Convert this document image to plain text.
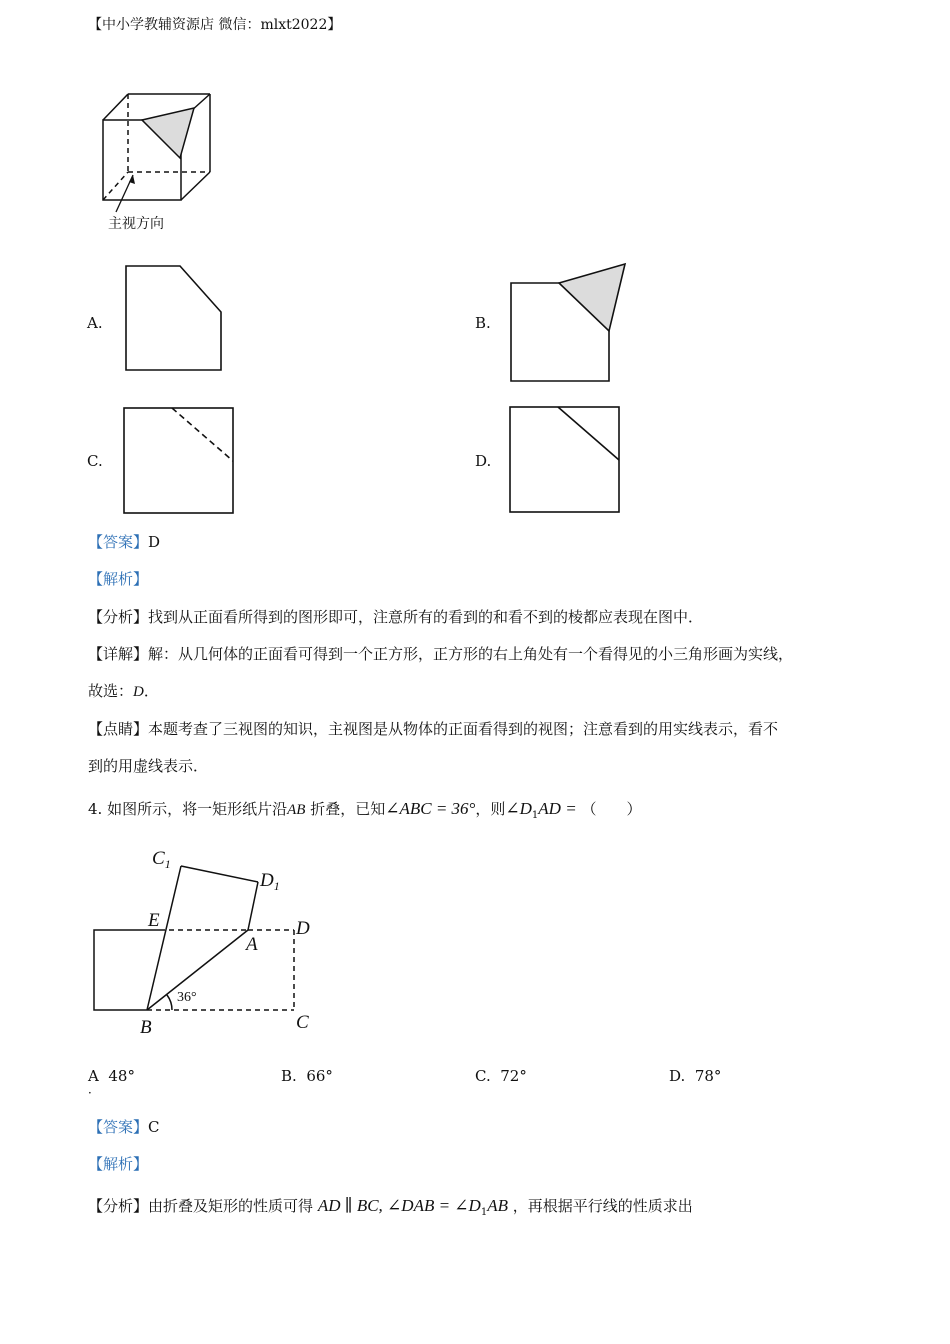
【中小学教辅资源店 微信：mlxt2022】
主视方向
A.	B.
C.	D.
【答案】D
【解析】
【分析】找到从正面看所得到的图形即可，注意所有的看到的和看不到的棱都应表现在图中．
【详解】解：从几何体的正面看可得到一个正方形，正方形的右上角处有一个看得见的小三角形画为实线，
故选：D．
【点睛】本题考查了三视图的知识，主视图是从物体的正面看得到的视图；注意看到的用实线表示，看不
到的用虚线表示．
4. 如图所示，将一矩形纸片沿AB 折叠，已知∠ABC = 36°，则$\angle D_1AD$ = （　　）
$C_1$
$D_1$
E
A
D
B	C
36°
A 48°
．
B. 66°	C. 72°	D. 78°
【答案】C
【解析】
【分析】由折叠及矩形的性质可得 AD ∥ BC, ∠DAB = $\angle D_1AB$ ，再根据平行线的性质求出
